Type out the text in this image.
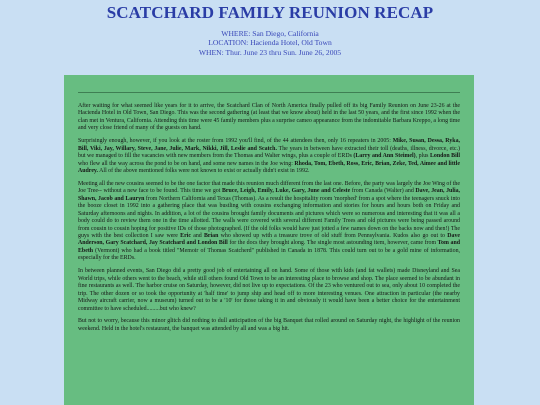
SCATCHARD FAMILY REUNION RECAP
WHERE: San Diego, California
LOCATION: Hacienda Hotel, Old Town
WHEN: Thur. June 23 thru Sun. June 26, 2005

After waiting for what seemed like years for it to arrive, the Scatchard Clan of North America finally pulled off its big Family Reunion on June 23-26 at the Hacienda Hotel in Old Town, San Diego. This was the second gathering (at least that we know about) held in the last 50 years, and the first since 1992 when the clan met in Ventura, California. Attending this time were 45 family members plus a surprise cameo appearance from the indomitable Barbara Kreppo, a long time and very close friend of many of the guests on hand.

Surprisingly enough, however, if you look at the roster from 1992 you'll find, of the 44 attendees then, only 16 repeaters in 2005: Mike, Susan, Dessa, Ryka, Bill, Viki, Jay, Willary, Steve, Jane, Julie, Mark, Nikki, Jill, Leslie and Scatch. The years in between have extracted their toll (deaths, illness, divorce, etc.) but we managed to fill the vacancies with new members from the Thomas and Walter wings, plus a couple of ERDs (Larry and Ann Steimel), plus London Bill who flew all the way across the pond to be on hand, and some new names in the Joe wing: Rhoda, Tom, Ebeth, Ross, Eric, Brian, Zeke, Ted, Aimee and little Audrey. All of the above mentioned folks were not known to exist or actually didn't exist in 1992.

Meeting all the new cousins seemed to be the one factor that made this reunion much different from the last one. Before, the party was largely the Joe Wing of the Joe Tree-- without a new face to be found. This time we got Bruce, Leigh, Emily, Luke, Gary, June and Celeste from Canada (Walter) and Dave, Jean, Julia, Shawn, Jacob and Lauryn from Northern California and Texas (Thomas). As a result the hospitality room 'morphed' from a spot where the teenagers snuck into the booze closet in 1992 into a gathering place that was bustling with cousins exchanging information and stories for hours and hours both on Friday and Saturday afternoons and nights. In addition, a lot of the cousins brought family documents and pictures which were so numerous and interesting that it was all a body could do to review them one in the time allotted. The walls were covered with several different Family Trees and old pictures were being passed around from cousin to cousin hoping for positive IDs of those photographed. (If the old folks would have just jotted a few names down on the backs now and then!) The guys with the best collection I saw were Eric and Brian who showed up with a treasure trove of old stuff from Pennsylvania. Kudos also go out to Dave Anderson, Gary Scatchard, Jay Scatchard and London Bill for the docs they brought along. The single most astounding item, however, came from Tom and Ebeth (Vermont) who had a book titled "Memoir of Thomas Scatcherd" published in Canada in 1878. This could turn out to be a gold mine of information, especially for the ERDs.

In between planned events, San Diego did a pretty good job of entertaining all on hand. Some of those with kids (and fat wallets) made Disneyland and Sea World trips, while others went to the beach, while still others found Old Town to be an interesting place to browse and shop. The place seemed to be abundant in fine restaurants as well. The harbor cruise on Saturday, however, did not live up to expectations. Of the 23 who ventured out to sea, only about 10 completed the trip. The other dozen or so took the opportunity at 'half time' to jump ship and head off to more interesting venues. One attraction in particular (the nearby Midway aircraft carrier, now a museum) turned out to be a '10' for those taking it in and obviously it would have been a better choice for the entertainment committee to have scheduled.........but who knew?

But not to worry, because this minor glitch did nothing to dull anticipation of the big Banquet that rolled around on Saturday night, the highlight of the reunion weekend. Held in the hotel's restaurant, the banquet was attended by all and was a big hit.
